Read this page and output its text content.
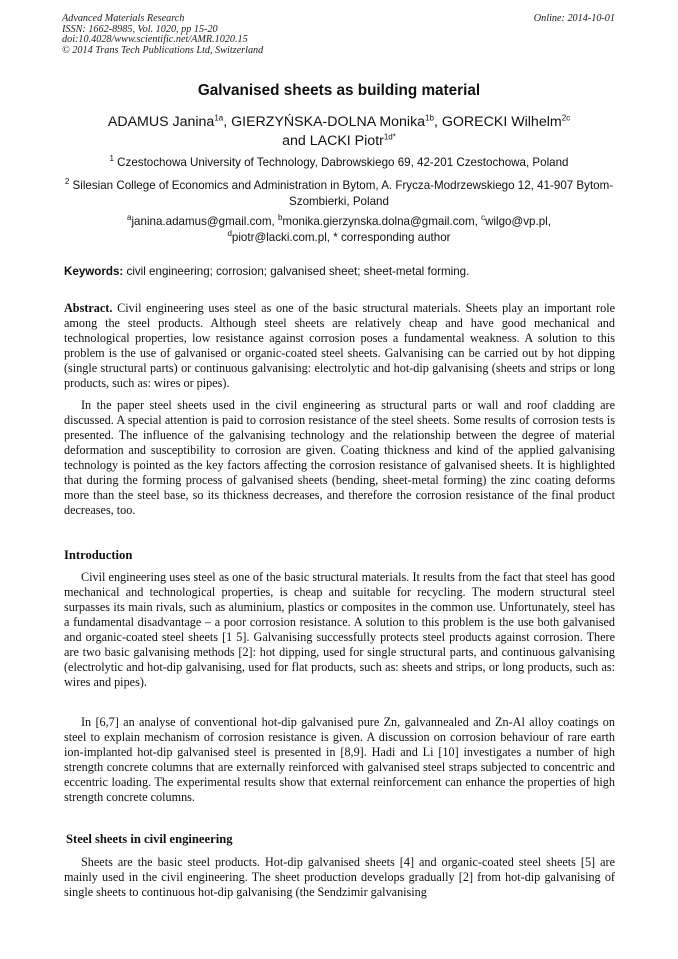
Advanced Materials Research
ISSN: 1662-8985, Vol. 1020, pp 15-20
doi:10.4028/www.scientific.net/AMR.1020.15
© 2014 Trans Tech Publications Ltd, Switzerland
Online: 2014-10-01
Galvanised sheets as building material
ADAMUS Janina$^{1a}$, GIERZYŃSKA-DOLNA Monika$^{1b}$, GORECKI Wilhelm$^{2c}$
and LACKI Piotr$^{1d*}$
$^1$ Czestochowa University of Technology, Dabrowskiego 69, 42-201 Czestochowa, Poland
$^2$ Silesian College of Economics and Administration in Bytom, A. Frycza-Modrzewskiego 12, 41-907 Bytom-Szombierki, Poland
$^a$janina.adamus@gmail.com, $^b$monika.gierzynska.dolna@gmail.com, $^c$wilgo@vp.pl,
$^d$piotr@lacki.com.pl, * corresponding author
Keywords: civil engineering; corrosion; galvanised sheet; sheet-metal forming.

Abstract. Civil engineering uses steel as one of the basic structural materials. Sheets play an important role among the steel products. Although steel sheets are relatively cheap and have good mechanical and technological properties, low resistance against corrosion poses a fundamental weakness. A solution to this problem is the use of galvanised or organic-coated steel sheets. Galvanising can be carried out by hot dipping (single structural parts) or continuous galvanising: electrolytic and hot-dip galvanising (sheets and strips or long products, such as: wires or pipes).

In the paper steel sheets used in the civil engineering as structural parts or wall and roof cladding are discussed. A special attention is paid to corrosion resistance of the steel sheets. Some results of corrosion tests is presented. The influence of the galvanising technology and the relationship between the degree of material deformation and susceptibility to corrosion are given. Coating thickness and kind of the applied galvanising technology is pointed as the key factors affecting the corrosion resistance of galvanised sheets. It is highlighted that during the forming process of galvanised sheets (bending, sheet-metal forming) the zinc coating deforms more than the steel base, so its thickness decreases, and therefore the corrosion resistance of the final product decreases, too.

Introduction

Civil engineering uses steel as one of the basic structural materials. It results from the fact that steel has good mechanical and technological properties, is cheap and suitable for recycling. The modern structural steel surpasses its main rivals, such as aluminium, plastics or composites in the common use. Unfortunately, steel has a fundamental disadvantage – a poor corrosion resistance. A solution to this problem is the use both galvanised and organic-coated steel sheets [1 5]. Galvanising successfully protects steel products against corrosion. There are two basic galvanising methods [2]: hot dipping, used for single structural parts, and continuous galvanising (electrolytic and hot-dip galvanising, used for flat products, such as: sheets and strips, or long products, such as: wires and pipes).

In [6,7] an analyse of conventional hot-dip galvanised pure Zn, galvannealed and Zn-Al alloy coatings on steel to explain mechanism of corrosion resistance is given. A discussion on corrosion behaviour of rare earth ion-implanted hot-dip galvanised steel is presented in [8,9]. Hadi and Li [10] investigates a number of high strength concrete columns that are externally reinforced with galvanised steel straps subjected to concentric and eccentric loading. The experimental results show that external reinforcement can enhance the properties of high strength concrete columns.

Steel sheets in civil engineering

Sheets are the basic steel products. Hot-dip galvanised sheets [4] and organic-coated steel sheets [5] are mainly used in the civil engineering. The sheet production develops gradually [2] from hot-dip galvanising of single sheets to continuous hot-dip galvanising (the Sendzimir galvanising
